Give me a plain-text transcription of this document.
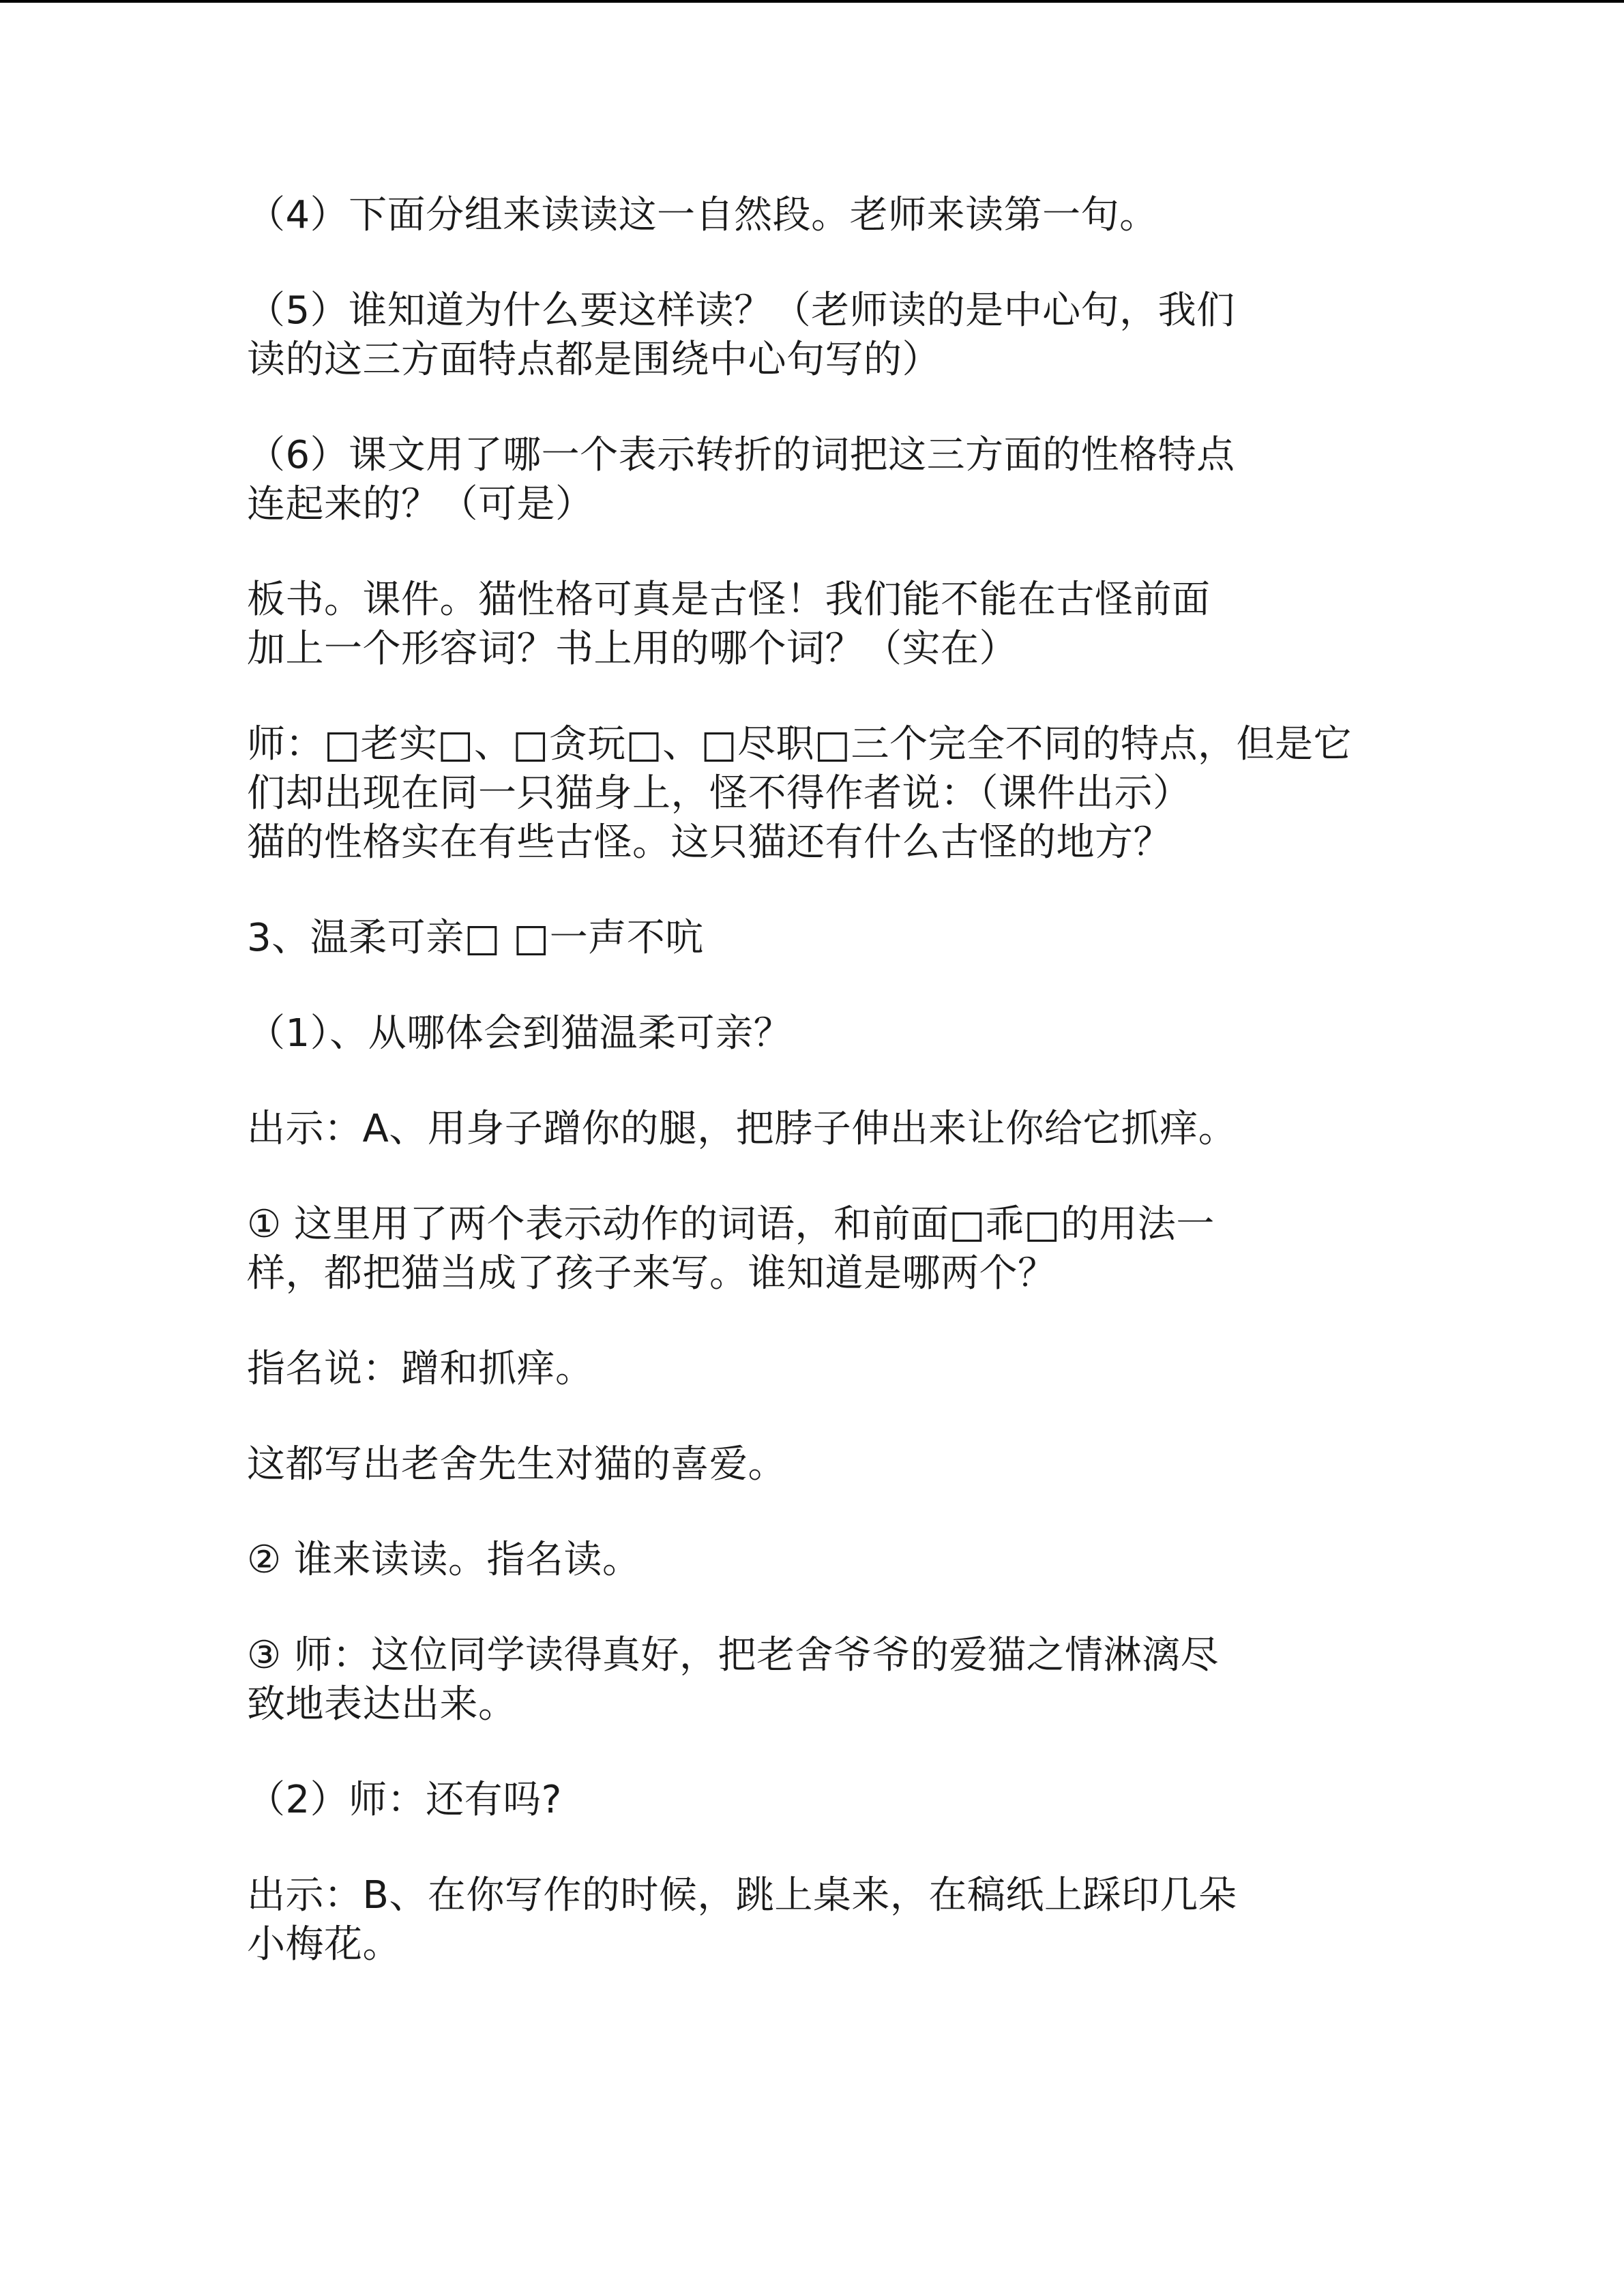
（4）下面分组来读读这一自然段。老师来读第一句。

（5）谁知道为什么要这样读？（老师读的是中心句，我们
读的这三方面特点都是围绕中心句写的）

（6）课文用了哪一个表示转折的词把这三方面的性格特点
连起来的？（可是）

板书。课件。猫性格可真是古怪！我们能不能在古怪前面
加上一个形容词？书上用的哪个词？（实在）

师：□老实□、□贪玩□、□尽职□三个完全不同的特点，但是它
们却出现在同一只猫身上，怪不得作者说：（课件出示）
猫的性格实在有些古怪。这只猫还有什么古怪的地方？

3、温柔可亲□ □一声不吭

（1）、从哪体会到猫温柔可亲？

出示：A、用身子蹭你的腿，把脖子伸出来让你给它抓痒。

① 这里用了两个表示动作的词语，和前面□乖□的用法一
样，都把猫当成了孩子来写。谁知道是哪两个？

指名说：蹭和抓痒。

这都写出老舍先生对猫的喜爱。

② 谁来读读。指名读。

③ 师：这位同学读得真好，把老舍爷爷的爱猫之情淋漓尽
致地表达出来。

（2）师：还有吗?

出示：B、在你写作的时候，跳上桌来，在稿纸上踩印几朵
小梅花。
